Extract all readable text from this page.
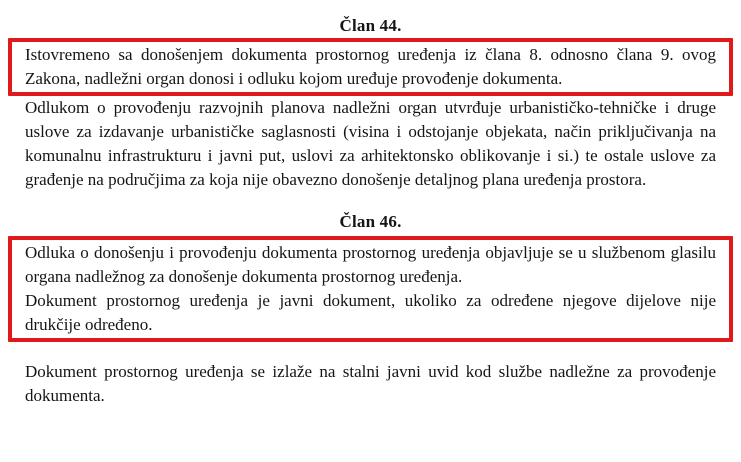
Član 44.

Istovremeno sa donošenjem dokumenta prostornog uređenja iz člana 8. odnosno člana 9. ovog Zakona, nadležni organ donosi i odluku kojom uređuje provođenje dokumenta.

Odlukom o provođenju razvojnih planova nadležni organ utvrđuje urbanističko-tehničke i druge uslove za izdavanje urbanističke saglasnosti (visina i odstojanje objekata, način priključivanja na komunalnu infrastrukturu i javni put, uslovi za arhitektonsko oblikovanje i si.) te ostale uslove za građenje na područjima za koja nije obavezno donošenje detaljnog plana uređenja prostora.

Član 46.

Odluka o donošenju i provođenju dokumenta prostornog uređenja objavljuje se u službenom glasilu organa nadležnog za donošenje dokumenta prostornog uređenja.

Dokument prostornog uređenja je javni dokument, ukoliko za određene njegove dijelove nije drukčije određeno.

Dokument prostornog uređenja se izlaže na stalni javni uvid kod službe nadležne za provođenje dokumenta.
